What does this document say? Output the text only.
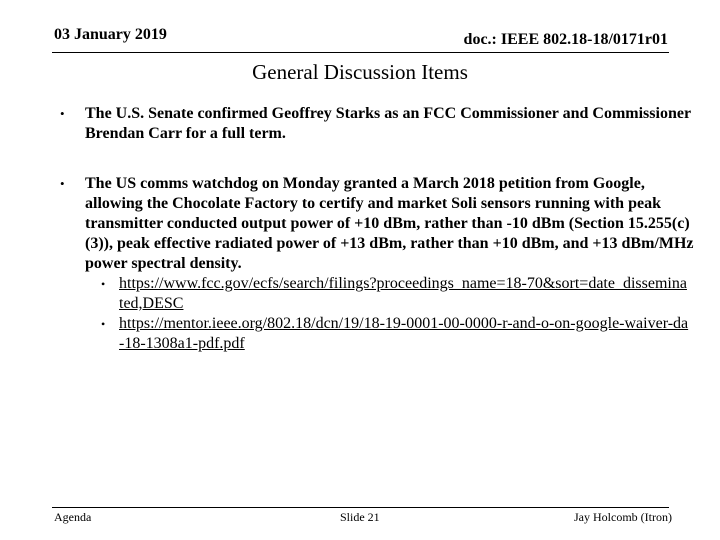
03 January 2019	doc.: IEEE 802.18-18/0171r01
General Discussion Items
• The U.S. Senate confirmed Geoffrey Starks as an FCC Commissioner and Commissioner Brendan Carr for a full term.
• The US comms watchdog on Monday granted a March 2018 petition from Google, allowing the Chocolate Factory to certify and market Soli sensors running with peak transmitter conducted output power of +10 dBm, rather than -10 dBm (Section 15.255(c)(3)), peak effective radiated power of +13 dBm, rather than +10 dBm, and +13 dBm/MHz power spectral density.
• https://www.fcc.gov/ecfs/search/filings?proceedings_name=18-70&sort=date_disseminated,DESC
• https://mentor.ieee.org/802.18/dcn/19/18-19-0001-00-0000-r-and-o-on-google-waiver-da-18-1308a1-pdf.pdf
Agenda	Slide 21	Jay Holcomb (Itron)
